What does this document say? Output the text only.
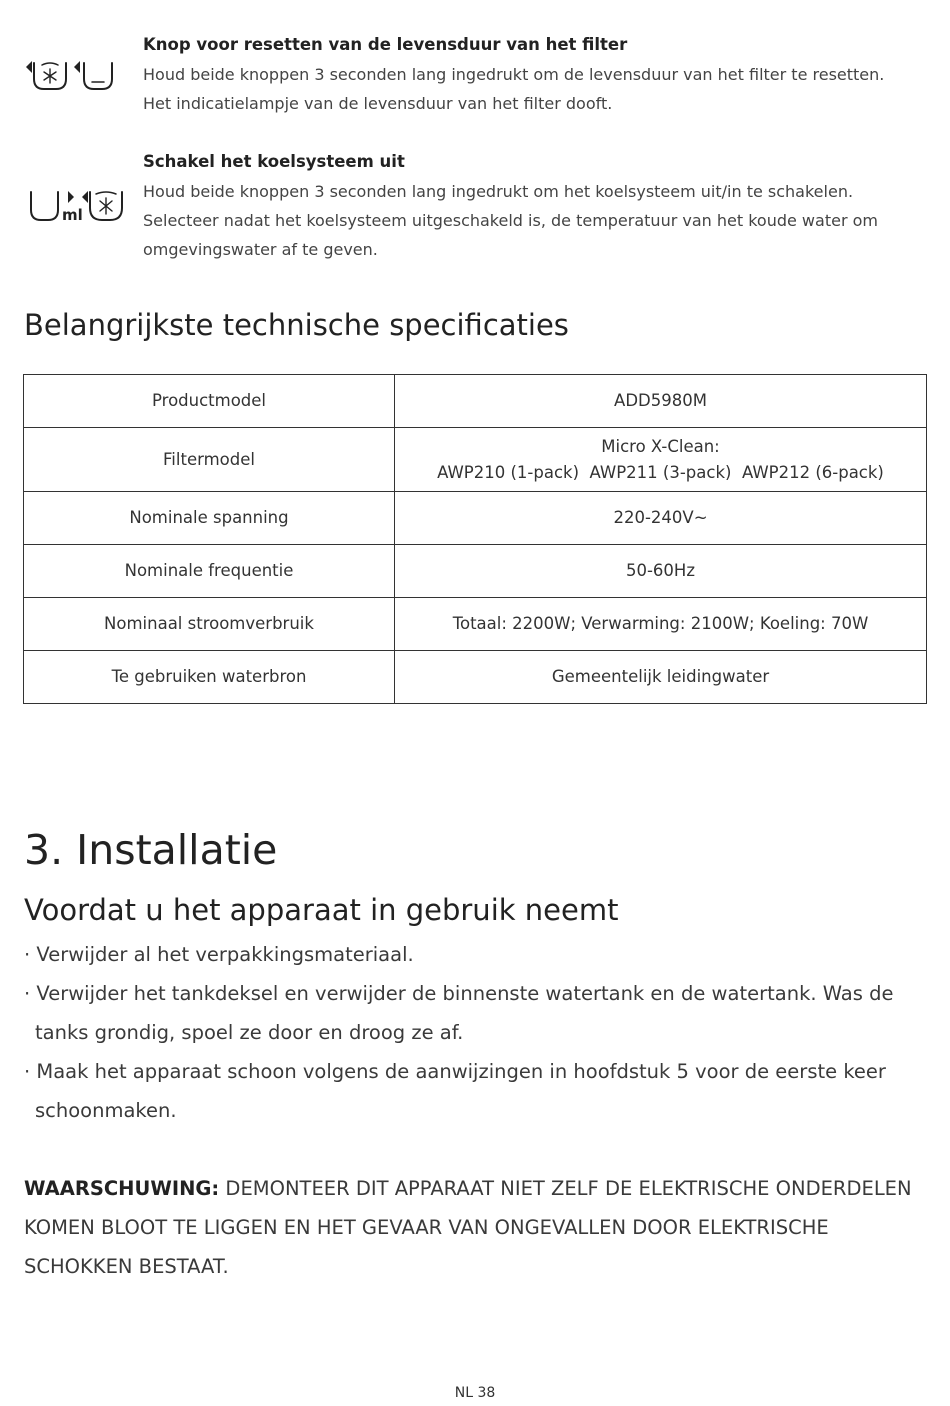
Knop voor resetten van de levensduur van het filter
Houd beide knoppen 3 seconden lang ingedrukt om de levensduur van het filter te resetten.
Het indicatielampje van de levensduur van het filter dooft.
ml
Schakel het koelsysteem uit
Houd beide knoppen 3 seconden lang ingedrukt om het koelsysteem uit/in te schakelen.
Selecteer nadat het koelsysteem uitgeschakeld is, de temperatuur van het koude water om
omgevingswater af te geven.
Belangrijkste technische specificaties
Productmodel	ADD5980M
Filtermodel	Micro X-Clean:
AWP210 (1-pack)  AWP211 (3-pack)  AWP212 (6-pack)

Nominale spanning	220-240V~
Nominale frequentie	50-60Hz
Nominaal stroomverbruik	Totaal: 2200W; Verwarming: 2100W; Koeling: 70W
Te gebruiken waterbron	Gemeentelijk leidingwater
3. Installatie
Voordat u het apparaat in gebruik neemt
· Verwijder al het verpakkingsmateriaal.
· Verwijder het tankdeksel en verwijder de binnenste watertank en de watertank. Was de tanks grondig, spoel ze door en droog ze af.
· Maak het apparaat schoon volgens de aanwijzingen in hoofdstuk 5 voor de eerste keer schoonmaken.
WAARSCHUWING: DEMONTEER DIT APPARAAT NIET ZELF DE ELEKTRISCHE ONDERDELEN KOMEN BLOOT TE LIGGEN EN HET GEVAAR VAN ONGEVALLEN DOOR ELEKTRISCHE SCHOKKEN BESTAAT.
NL 38
